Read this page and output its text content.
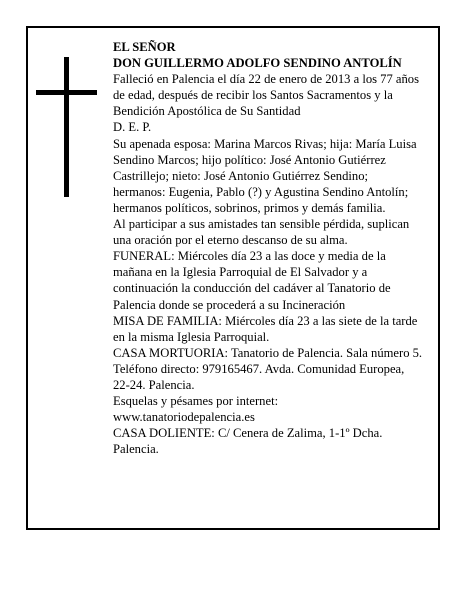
EL SEÑOR

DON GUILLERMO ADOLFO SENDINO ANTOLÍN

Falleció en Palencia el día 22 de enero de 2013 a los 77 años de edad, después de recibir los Santos Sacramentos y la Bendición Apostólica de Su Santidad

D. E. P.

Su apenada esposa: Marina Marcos Rivas; hija: María Luisa Sendino Marcos; hijo político: José Antonio Gutiérrez Castrillejo; nieto: José Antonio Gutiérrez Sendino; hermanos: Eugenia, Pablo (?) y Agustina Sendino Antolín; hermanos políticos, sobrinos, primos y demás familia.

Al participar a sus amistades tan sensible pérdida, suplican una oración por el eterno descanso de su alma.

FUNERAL: Miércoles día 23 a las doce y media de la mañana en la Iglesia Parroquial de El Salvador y a continuación la conducción del cadáver al Tanatorio de Palencia donde se procederá a su Incineración

MISA DE FAMILIA: Miércoles día 23 a las siete de la tarde en la misma Iglesia Parroquial.

CASA MORTUORIA: Tanatorio de Palencia. Sala número 5. Teléfono directo: 979165467. Avda. Comunidad Europea, 22-24. Palencia.

Esquelas y pésames por internet:

www.tanatoriodepalencia.es

CASA DOLIENTE: C/ Cenera de Zalima, 1-1º Dcha. Palencia.
